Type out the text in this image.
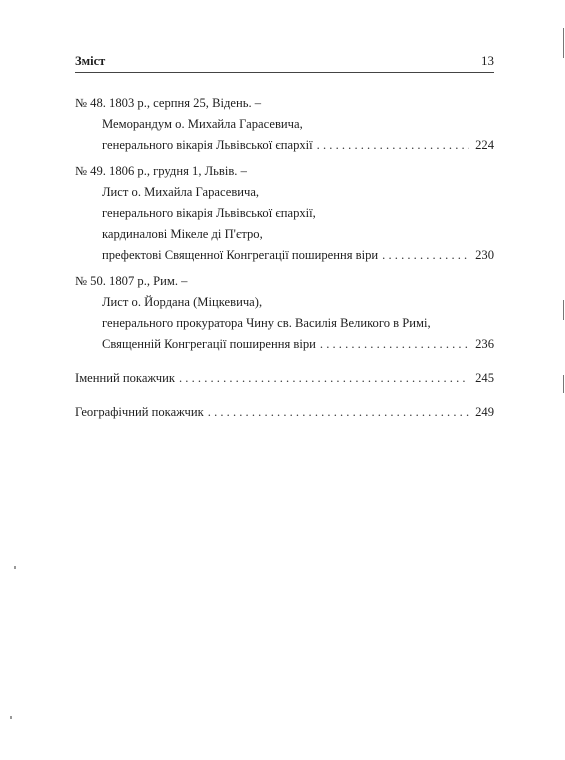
Зміст	13
№ 48. 1803 р., серпня 25, Відень. –
Меморандум о. Михайла Гарасевича,
генерального вікарія Львівської єпархії . . .	224
№ 49. 1806 р., грудня 1, Львів. –
Лист о. Михайла Гарасевича,
генерального вікарія Львівської єпархії,
кардиналові Мікеле ді П'єтро,
префектові Священної Конгрегації поширення віри . . .	230
№ 50. 1807 р., Рим. –
Лист о. Йордана (Міцкевича),
генерального прокуратора Чину св. Василія Великого в Римі,
Священній Конгрегації поширення віри . . .	236
Іменний покажчик . . .	245
Географічний покажчик . . .	249
